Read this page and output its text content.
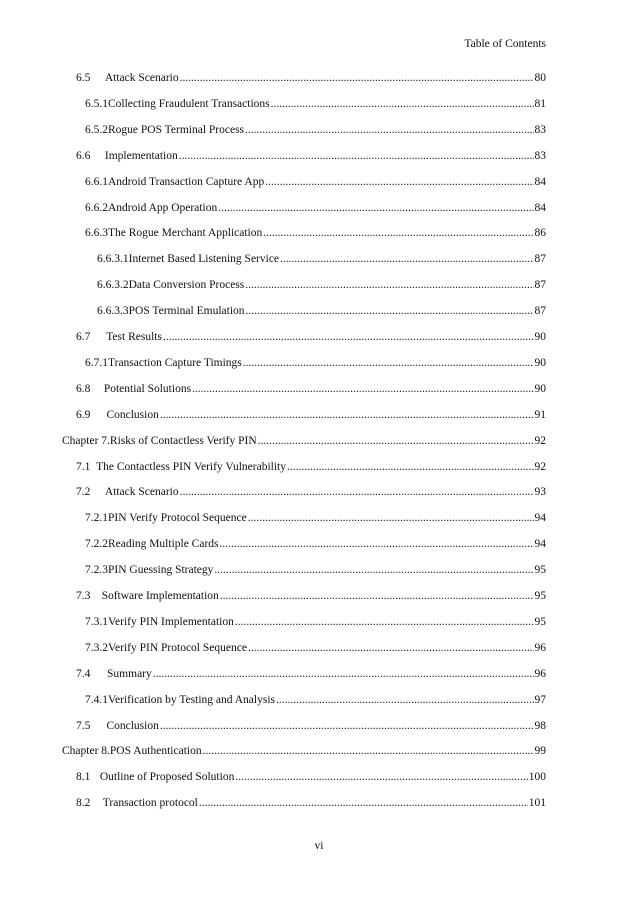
Table of Contents
6.5	Attack Scenario .....	80
6.5.1 Collecting Fraudulent Transactions .....	81
6.5.2 Rogue POS Terminal Process .....	83
6.6	Implementation .....	83
6.6.1 Android Transaction Capture App .....	84
6.6.2 Android App Operation .....	84
6.6.3 The Rogue Merchant Application .....	86
6.6.3.1 Internet Based Listening Service .....	87
6.6.3.2 Data Conversion Process .....	87
6.6.3.3 POS Terminal Emulation .....	87
6.7	Test Results .....	90
6.7.1 Transaction Capture Timings .....	90
6.8	Potential Solutions .....	90
6.9	Conclusion .....	91
Chapter 7. Risks of Contactless Verify PIN .....	92
7.1 The Contactless PIN Verify Vulnerability .....	92
7.2	Attack Scenario .....	93
7.2.1 PIN Verify Protocol Sequence .....	94
7.2.2 Reading Multiple Cards .....	94
7.2.3 PIN Guessing Strategy .....	95
7.3 Software Implementation .....	95
7.3.1 Verify PIN Implementation .....	95
7.3.2 Verify PIN Protocol Sequence .....	96
7.4	Summary .....	96
7.4.1 Verification by Testing and Analysis .....	97
7.5	Conclusion .....	98
Chapter 8. POS Authentication .....	99
8.1 Outline of Proposed Solution .....	100
8.2	Transaction protocol .....	101
vi
